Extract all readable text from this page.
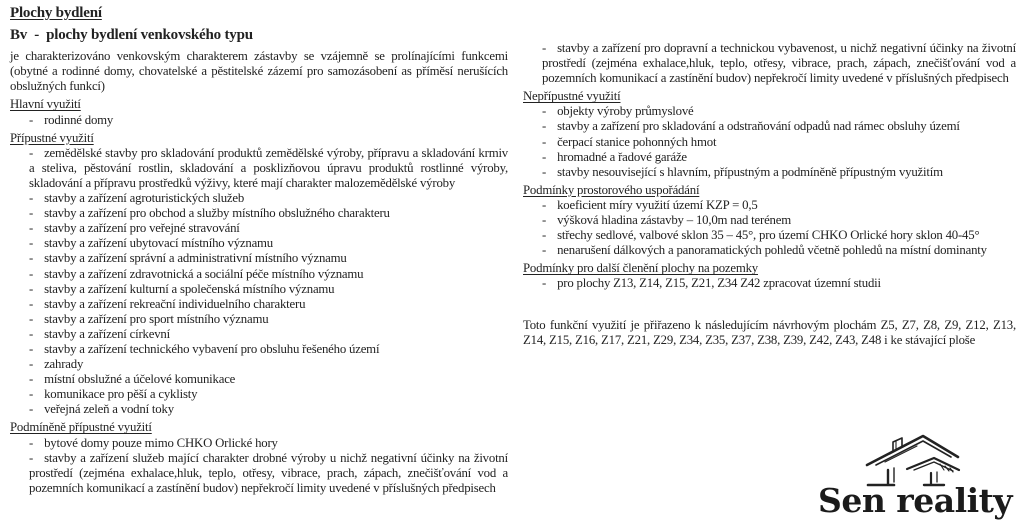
Plochy bydlení
Bv  -  plochy bydlení venkovského typu

je charakterizováno venkovským charakterem zástavby se vzájemně se prolínajícími funkcemi (obytné a rodinné domy, chovatelské a pěstitelské zázemí pro samozásobení as příměsí nerušících obslužných funkcí)

Hlavní využití
- rodinné domy
Přípustné využití
- zemědělské stavby pro skladování produktů zemědělské výroby, přípravu a skladování krmiv a steliva, pěstování rostlin, skladování a posklizňovou úpravu produktů rostlinné výroby, skladování a přípravu prostředků výživy, které mají charakter malozemědělské výroby
- stavby a zařízení agroturistických služeb
- stavby a zařízení pro obchod a služby místního obslužného charakteru
- stavby a zařízení pro veřejné stravování
- stavby a zařízení ubytovací místního významu
- stavby a zařízení správní a administrativní místního významu
- stavby a zařízení zdravotnická a sociální péče místního významu
- stavby a zařízení kulturní a společenská místního významu
- stavby a zařízení rekreační individuelního charakteru
- stavby a zařízení pro sport místního významu
- stavby a zařízení církevní
- stavby a zařízení technického vybavení pro obsluhu řešeného území
- zahrady
- místní obslužné a účelové komunikace
- komunikace pro pěší a cyklisty
- veřejná zeleň a vodní toky
Podmíněně přípustné využití
- bytové domy pouze mimo CHKO Orlické hory
- stavby a zařízení služeb mající charakter drobné výroby u nichž negativní účinky na životní prostředí (zejména exhalace,hluk, teplo, otřesy, vibrace, prach, zápach, znečišťování vod a pozemních komunikací a zastínění budov) nepřekročí limity uvedené v příslušných předpisech
- stavby a zařízení pro dopravní a technickou vybavenost, u nichž negativní účinky na životní prostředí (zejména exhalace,hluk, teplo, otřesy, vibrace, prach, zápach, znečišťování vod a pozemních komunikací a zastínění budov) nepřekročí limity uvedené v příslušných předpisech
Nepřípustné využití
- objekty výroby průmyslové
- stavby a zařízení pro skladování a odstraňování odpadů nad rámec obsluhy území
- čerpací stanice pohonných hmot
- hromadné a řadové garáže
- stavby nesouvisející s hlavním, přípustným a podmíněně přípustným využitím
Podmínky prostorového uspořádání
- koeficient míry využití území KZP = 0,5
- výšková hladina zástavby – 10,0m nad terénem
- střechy sedlové, valbové sklon 35 – 45°, pro území CHKO Orlické hory sklon 40-45°
- nenarušení dálkových a panoramatických pohledů včetně pohledů na místní dominanty
Podmínky pro další členění plochy na pozemky
- pro plochy Z13, Z14, Z15, Z21, Z34 Z42 zpracovat územní studii

Toto funkční využití je přiřazeno k následujícím návrhovým plochám Z5, Z7, Z8, Z9, Z12, Z13, Z14, Z15, Z16, Z17, Z21, Z29, Z34, Z35, Z37, Z38, Z39, Z42, Z43, Z48 i ke stávající ploše

Sen reality
